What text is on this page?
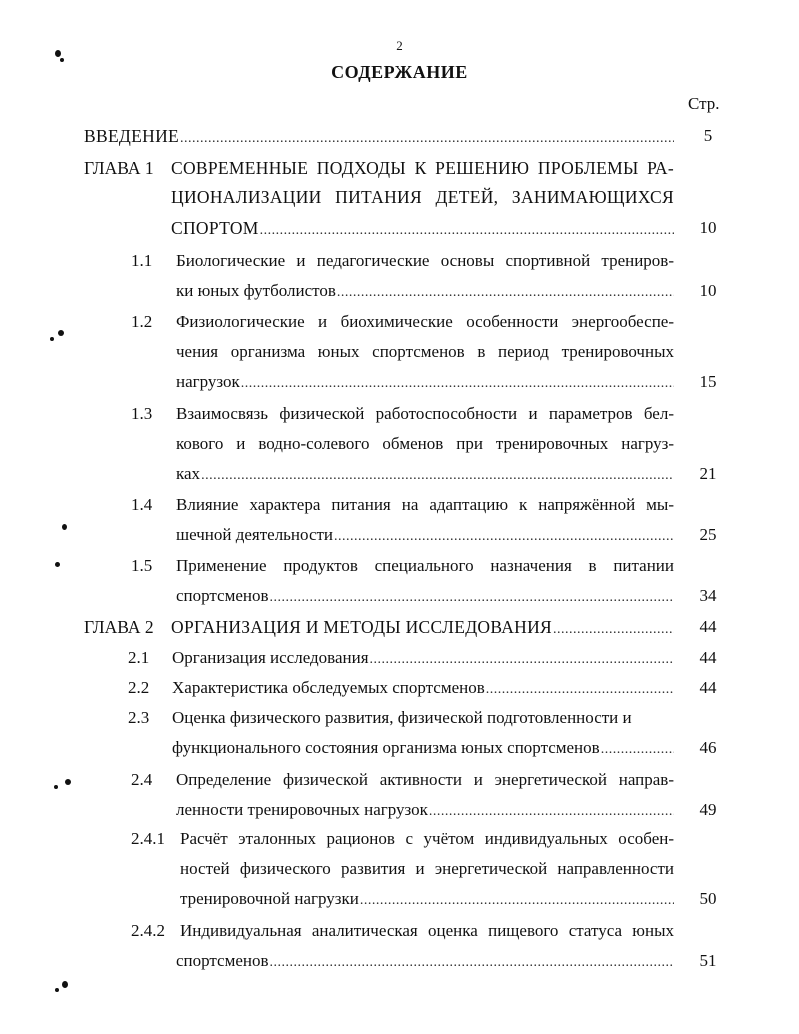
2
СОДЕРЖАНИЕ
Стр.
ВВЕДЕНИЕ .....	5
ГЛАВА 1 СОВРЕМЕННЫЕ ПОДХОДЫ К РЕШЕНИЮ ПРОБЛЕМЫ РА-
ЦИОНАЛИЗАЦИИ ПИТАНИЯ ДЕТЕЙ, ЗАНИМАЮЩИХСЯ
СПОРТОМ .....	10
1.1 Биологические и педагогические основы спортивной трениров-
ки юных футболистов .....	10
1.2 Физиологические и биохимические особенности энергообеспе-
чения организма юных спортсменов в период тренировочных
нагрузок .....	15
1.3 Взаимосвязь физической работоспособности и параметров бел-
кового и водно-солевого обменов при тренировочных нагруз-
ках .....	21
1.4 Влияние характера питания на адаптацию к напряжённой мы-
шечной деятельности .....	25
1.5 Применение продуктов специального назначения в питании
спортсменов .....	34
ГЛАВА 2 ОРГАНИЗАЦИЯ И МЕТОДЫ ИССЛЕДОВАНИЯ .....	44
2.1 Организация исследования .....	44
2.2 Характеристика обследуемых спортсменов .....	44
2.3 Оценка физического развития, физической подготовленности и
функционального состояния организма юных спортсменов .....	46
2.4 Определение физической активности и энергетической направ-
ленности тренировочных нагрузок .....	49
2.4.1 Расчёт эталонных рационов с учётом индивидуальных особен-
ностей физического развития и энергетической направленности
тренировочной нагрузки .....	50
2.4.2 Индивидуальная аналитическая оценка пищевого статуса юных
спортсменов .....	51
